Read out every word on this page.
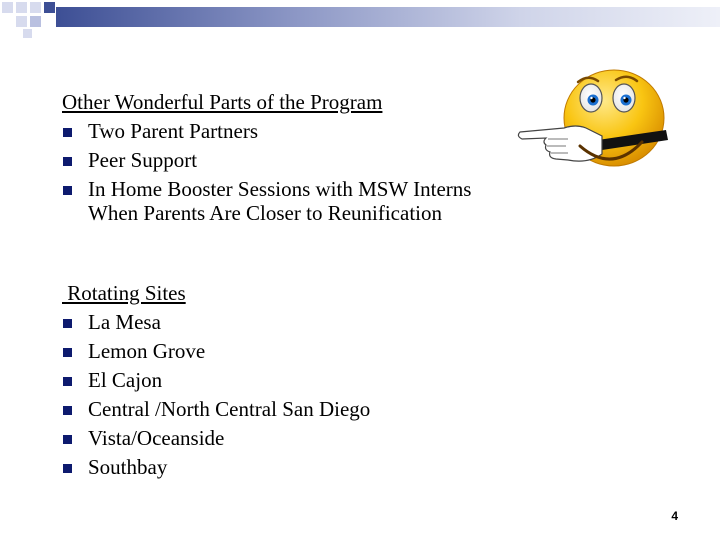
Other Wonderful Parts of the Program
Two Parent Partners
Peer Support
In Home Booster Sessions with MSW Interns When Parents Are Closer to Reunification
Rotating Sites
La Mesa
Lemon Grove
El Cajon
Central /North Central San Diego
Vista/Oceanside
Southbay
4
